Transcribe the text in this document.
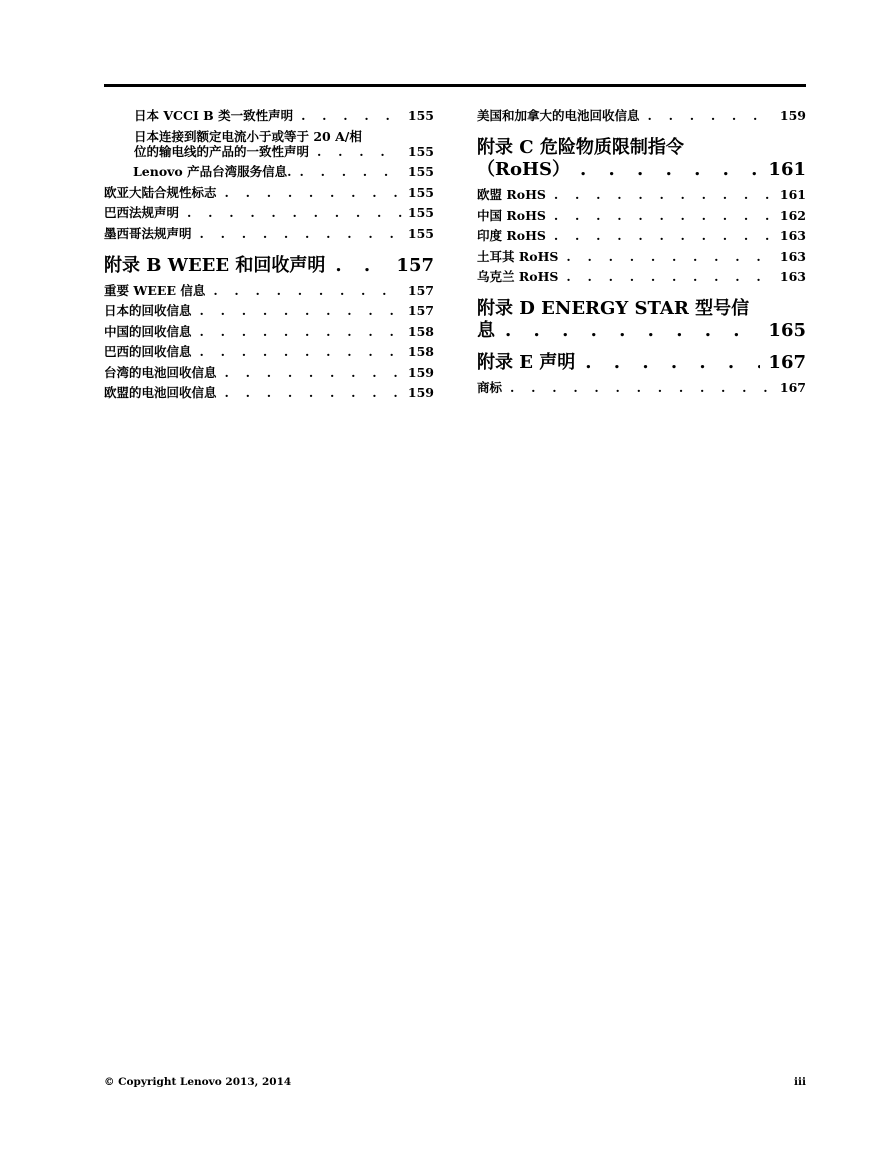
日本 VCCI B 类一致性声明 . . .	155
日本连接到额定电流小于或等于 20 A/相
位的输电线的产品的一致性声明 . . .	155
Lenovo 产品台湾服务信息. . . .	155
欧亚大陆合规性标志 . . .	155
巴西法规声明 . . .	155
墨西哥法规声明 . . .	155
附录 B WEEE 和回收声明 . . .	157
重要 WEEE 信息 . . .	157
日本的回收信息 . . .	157
中国的回收信息 . . .	158
巴西的回收信息 . . .	158
台湾的电池回收信息 . . .	159
欧盟的电池回收信息 . . .	159
美国和加拿大的电池回收信息 . . .	159
附录 C 危险物质限制指令
（RoHS） . . .	161
欧盟 RoHS . . .	161
中国 RoHS . . .	162
印度 RoHS . . .	163
土耳其 RoHS . . .	163
乌克兰 RoHS . . .	163
附录 D ENERGY STAR 型号信
息 . . .	165
附录 E 声明 . . .	167
商标 . . .	167
© Copyright Lenovo 2013, 2014	iii
